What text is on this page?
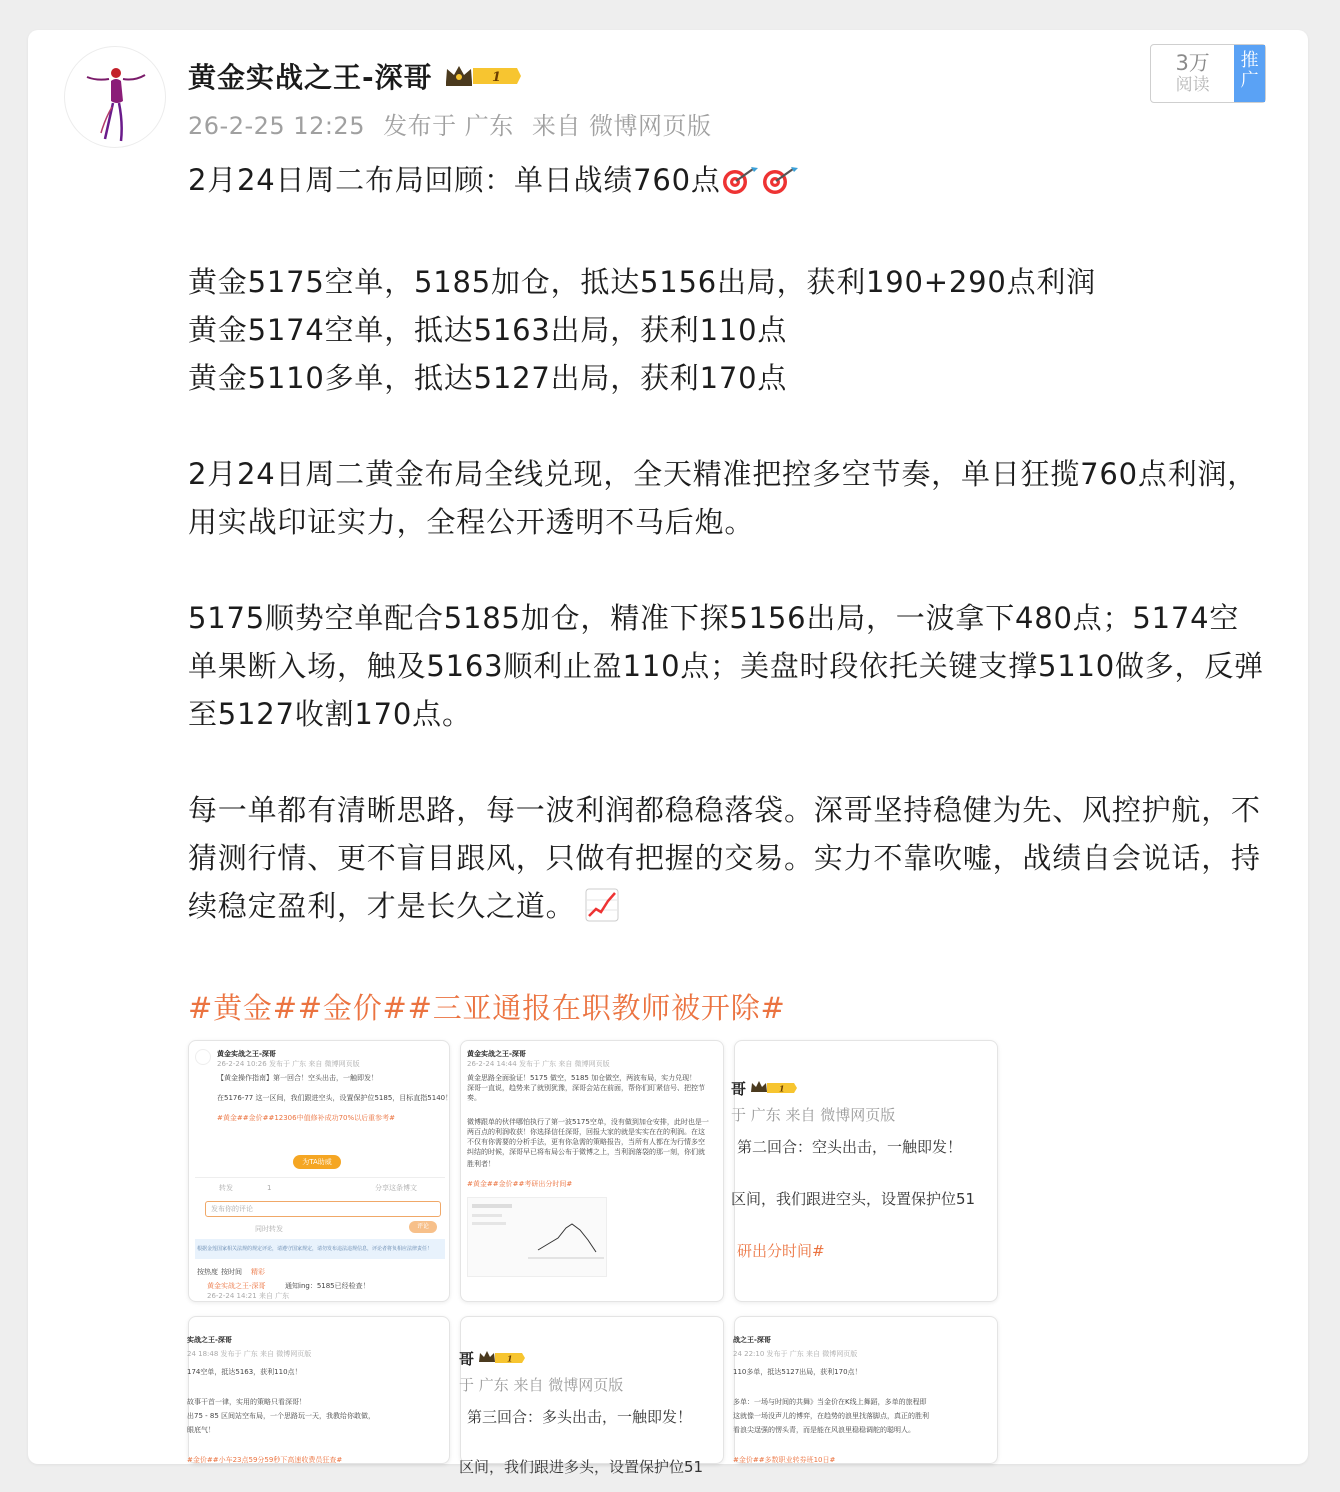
黄金实战之王-深哥	1
26-2-25 12:25 发布于 广东 来自 微博网页版
3万
阅读
推广

2月24日周二布局回顾：单日战绩760点

黄金5175空单，5185加仓，抵达5156出局，获利190+290点利润

黄金5174空单，抵达5163出局，获利110点

黄金5110多单，抵达5127出局，获利170点

2月24日周二黄金布局全线兑现，全天精准把控多空节奏，单日狂揽760点利润，用实战印证实力，全程公开透明不马后炮。

5175顺势空单配合5185加仓，精准下探5156出局，一波拿下480点；5174空单果断入场，触及5163顺利止盈110点；美盘时段依托关键支撑5110做多，反弹至5127收割170点。

每一单都有清晰思路，每一波利润都稳稳落袋。深哥坚持稳健为先、风控护航，不猜测行情、更不盲目跟风，只做有把握的交易。实力不靠吹嘘，战绩自会说话，持续稳定盈利，才是长久之道。

#黄金##金价##三亚通报在职教师被开除#

黄金实战之王-深哥
26-2-24 10:26 发布于 广东 来自 微博网页版
【黄金操作指南】第一回合！空头出击，一触即发！
在5176-77 这一区间，我们跟进空头，设置保护位5185，目标直指5140！
#黄金##金价##12306中值修补成功70%以后重参考#
为TA助威
转发	1	分享这条博文
发布你的评论
同时转发	评论
根据金莲国家相关法规的规定评论，请遵守国家规定，请勿发布违法违规信息，评论者将负相应法律责任！
按热度 按时间 精彩
黄金实战之王-深哥	通知ing：5185已经检查！
26-2-24 14:21 来自 广东
黄金实战之王-深哥
26-2-24 14:44 发布于 广东 来自 微博网页版
黄金思路全面验证！5175 做空，5185 加仓做空，两波布局，实力兑现！
深哥一直说，趋势来了就别犹豫，深哥会站在前面，帮你们盯紧信号、把控节
奏。
微博跟单的伙伴哪怕执行了第一波5175空单，没有做到加仓安排，此时也是一
两百点的利润收获！你选择信任深哥，回报大家的就是实实在在的利润。在这
不仅有你需要的分析手法，更有你急需的策略报告，当所有人都在为行情多空
纠结的时候，深哥早已将布局公布于微博之上，当利润落袋的那一刻，你们就
胜利者！
#黄金##金价##考研出分时间#
哥	1
于 广东 来自 微博网页版
第二回合：空头出击，一触即发！
区间，我们跟进空头，设置保护位51
研出分时间#
实战之王-深哥
24 18:48 发布于 广东 来自 微博网页版
174空单，抵达5163，获利110点！
故事干首一律，实用的策略只看深哥！
出75 - 85 区间站空布局，一个思路玩一天，我教给你敢做，
眼底气！
#金价##小车23点59分59秒下高速收费员狂查#
哥	1
于 广东 来自 微博网页版
第三回合：多头出击，一触即发！
区间，我们跟进多头，设置保护位51
战之王-深哥
24 22:10 发布于 广东 来自 微博网页版
110多单，抵达5127出局，获利170点！
多单：一场与时间的共舞》当金价在K线上舞蹈，多单的旅程即
这就像一场没声儿的博弈，在趋势的浪里找落脚点，真正的胜利
看浪尖逞强的愣头青，而是能在风浪里稳稳调舵的聪明人。
#金价##多数职业转券班10日#
